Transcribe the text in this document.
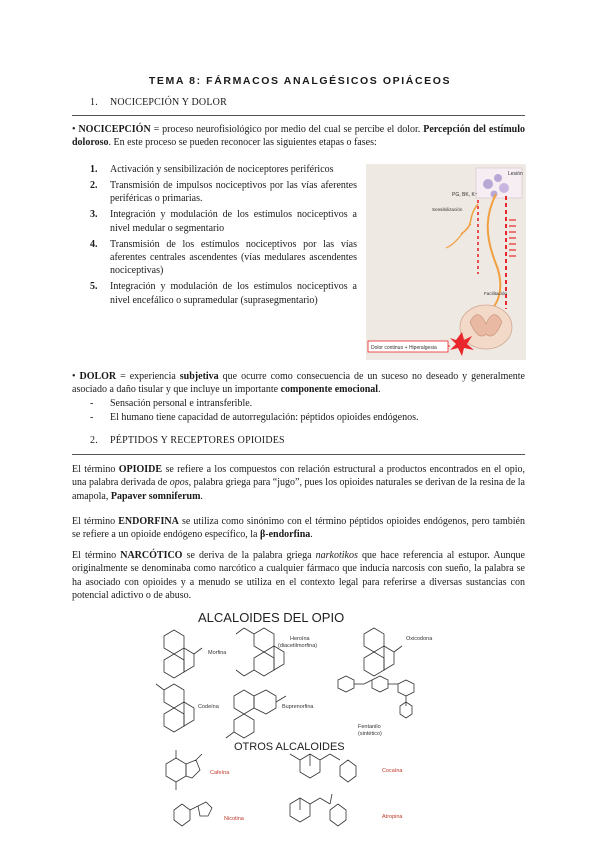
TEMA 8: FÁRMACOS ANALGÉSICOS OPIÁCEOS
1. NOCICEPCIÓN Y DOLOR
• NOCICEPCIÓN = proceso neurofisiológico por medio del cual se percibe el dolor. Percepción del estímulo doloroso. En este proceso se pueden reconocer las siguientes etapas o fases:
1. Activación y sensibilización de nociceptores periféricos
2. Transmisión de impulsos nociceptivos por las vías aferentes periféricas o primarias.
3. Integración y modulación de los estímulos nociceptivos a nivel medular o segmentario
4. Transmisión de los estímulos nociceptivos por las vías aferentes centrales ascendentes (vías medulares ascendentes nociceptivas)
5. Integración y modulación de los estímulos nociceptivos a nivel encefálico o supramedular (suprasegmentario)
Lesión
PG, BK, K⁺
Sensibilización
Facilitación
Dolor continuo + Hiperalgesia
• DOLOR = experiencia subjetiva que ocurre como consecuencia de un suceso no deseado y generalmente asociado a daño tisular y que incluye un importante componente emocional.
- Sensación personal e intransferible.
- El humano tiene capacidad de autorregulación: péptidos opioides endógenos.
2. PÉPTIDOS Y RECEPTORES OPIOIDES
El término OPIOIDE se refiere a los compuestos con relación estructural a productos encontrados en el opio, una palabra derivada de opos, palabra griega para “jugo”, pues los opioides naturales se derivan de la resina de la amapola, Papaver somniferum.
El término ENDORFINA se utiliza como sinónimo con el término péptidos opioides endógenos, pero también se refiere a un opioide endógeno específico, la β-endorfina.
El término NARCÓTICO se deriva de la palabra griega narkotikos que hace referencia al estupor. Aunque originalmente se denominaba como narcótico a cualquier fármaco que inducía narcosis con sueño, la palabra se ha asociado con opioides y a menudo se utiliza en el contexto legal para referirse a diversas sustancias con potencial adictivo o de abuso.
ALCALOIDES DEL OPIO
Morfina
Heroína
(diacetilmorfina)
Oxicodona
Codeína	Buprenorfina
Fentanilo
(sintético)
OTROS ALCALOIDES
Cafeína	Cocaína
Nicotina	Atropina
